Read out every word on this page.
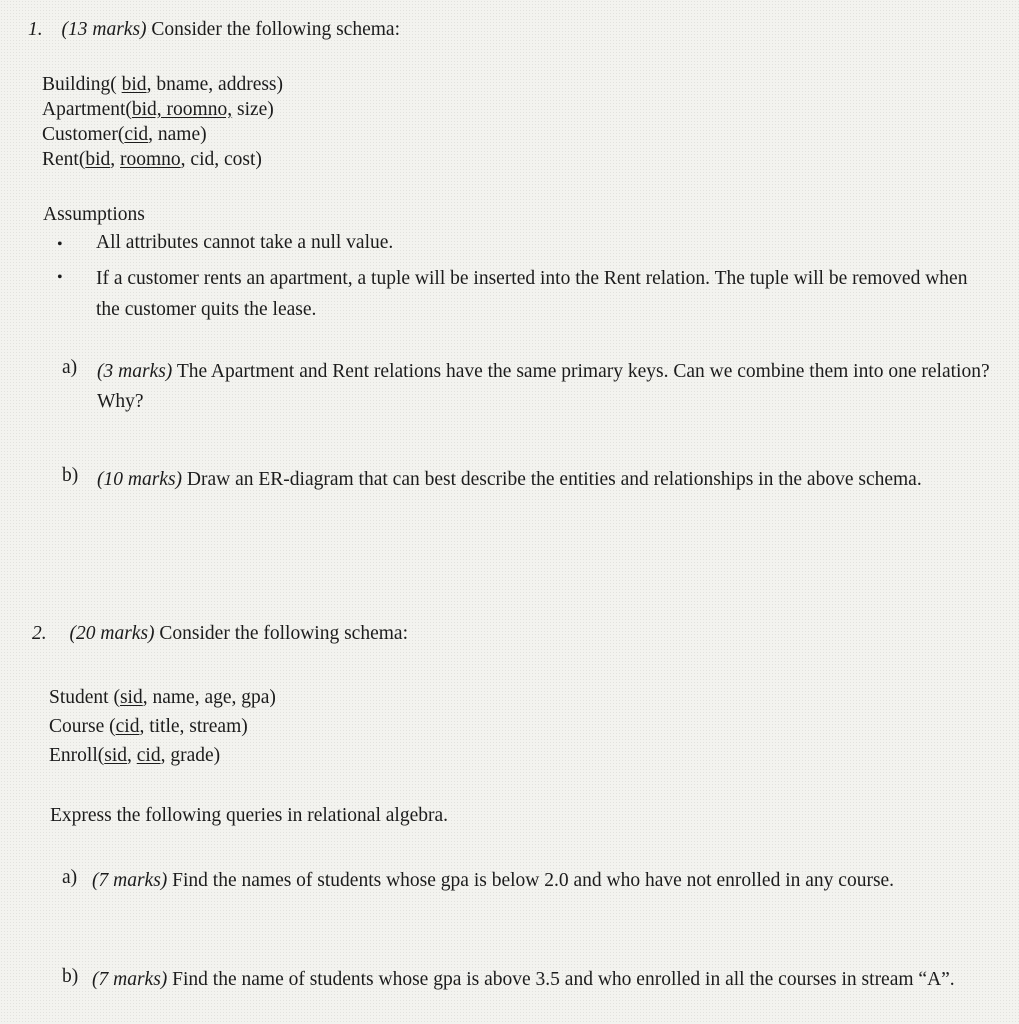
1. (13 marks) Consider the following schema:
Building( bid, bname, address)
Apartment(bid, roomno, size)
Customer(cid, name)
Rent(bid, roomno, cid, cost)
Assumptions
• All attributes cannot take a null value.
• If a customer rents an apartment, a tuple will be inserted into the Rent relation. The tuple will be removed when the customer quits the lease.
a) (3 marks) The Apartment and Rent relations have the same primary keys. Can we combine them into one relation? Why?
b) (10 marks) Draw an ER-diagram that can best describe the entities and relationships in the above schema.
2. (20 marks) Consider the following schema:
Student (sid, name, age, gpa)
Course (cid, title, stream)
Enroll(sid, cid, grade)
Express the following queries in relational algebra.
a) (7 marks) Find the names of students whose gpa is below 2.0 and who have not enrolled in any course.
b) (7 marks) Find the name of students whose gpa is above 3.5 and who enrolled in all the courses in stream “A”.
